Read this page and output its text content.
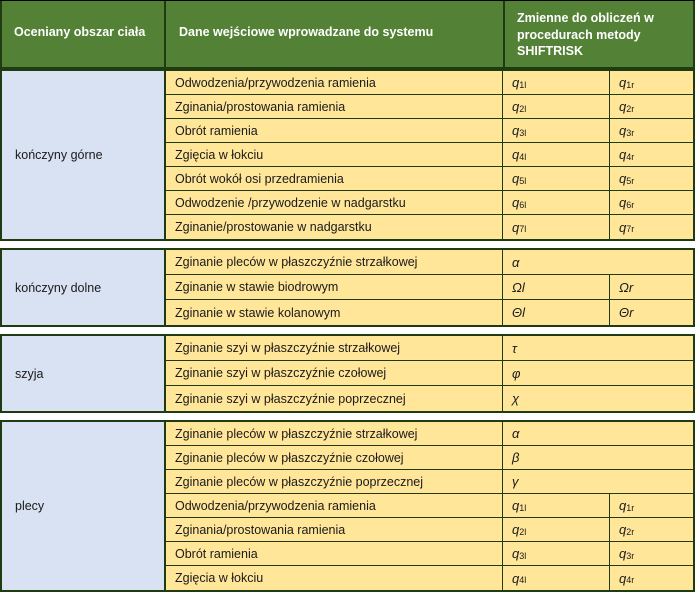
Oceniany obszar ciała	Dane wejściowe wprowadzane do systemu
Zmienne do obliczeń w procedurach metody SHIFTRISK
kończyny górne
Odwodzenia/przywodzenia ramienia	$q_{1l}$	$q_{1r}$
Zginania/prostowania ramienia	$q_{2l}$	$q_{2r}$
Obrót ramienia	$q_{3l}$	$q_{3r}$
Zgięcia w łokciu	$q_{4l}$	$q_{4r}$
Obrót wokół osi przedramienia	$q_{5l}$	$q_{5r}$
Odwodzenie /przywodzenie w nadgarstku	$q_{6l}$	$q_{6r}$
Zginanie/prostowanie w nadgarstku	$q_{7l}$	$q_{7r}$
kończyny dolne
Zginanie pleców w płaszczyźnie strzałkowej	α
Zginanie w stawie biodrowym	Ωl	Ωr
Zginanie w stawie kolanowym	Θl	Θr
szyja
Zginanie szyi w płaszczyźnie strzałkowej	τ
Zginanie szyi w płaszczyźnie czołowej	φ
Zginanie szyi w płaszczyźnie poprzecznej	χ
plecy
Zginanie pleców w płaszczyźnie strzałkowej	α
Zginanie pleców w płaszczyźnie czołowej	β
Zginanie pleców w płaszczyźnie poprzecznej	γ
Odwodzenia/przywodzenia ramienia	$q_{1l}$	$q_{1r}$
Zginania/prostowania ramienia	$q_{2l}$	$q_{2r}$
Obrót ramienia	$q_{3l}$	$q_{3r}$
Zgięcia w łokciu	$q_{4l}$	$q_{4r}$
